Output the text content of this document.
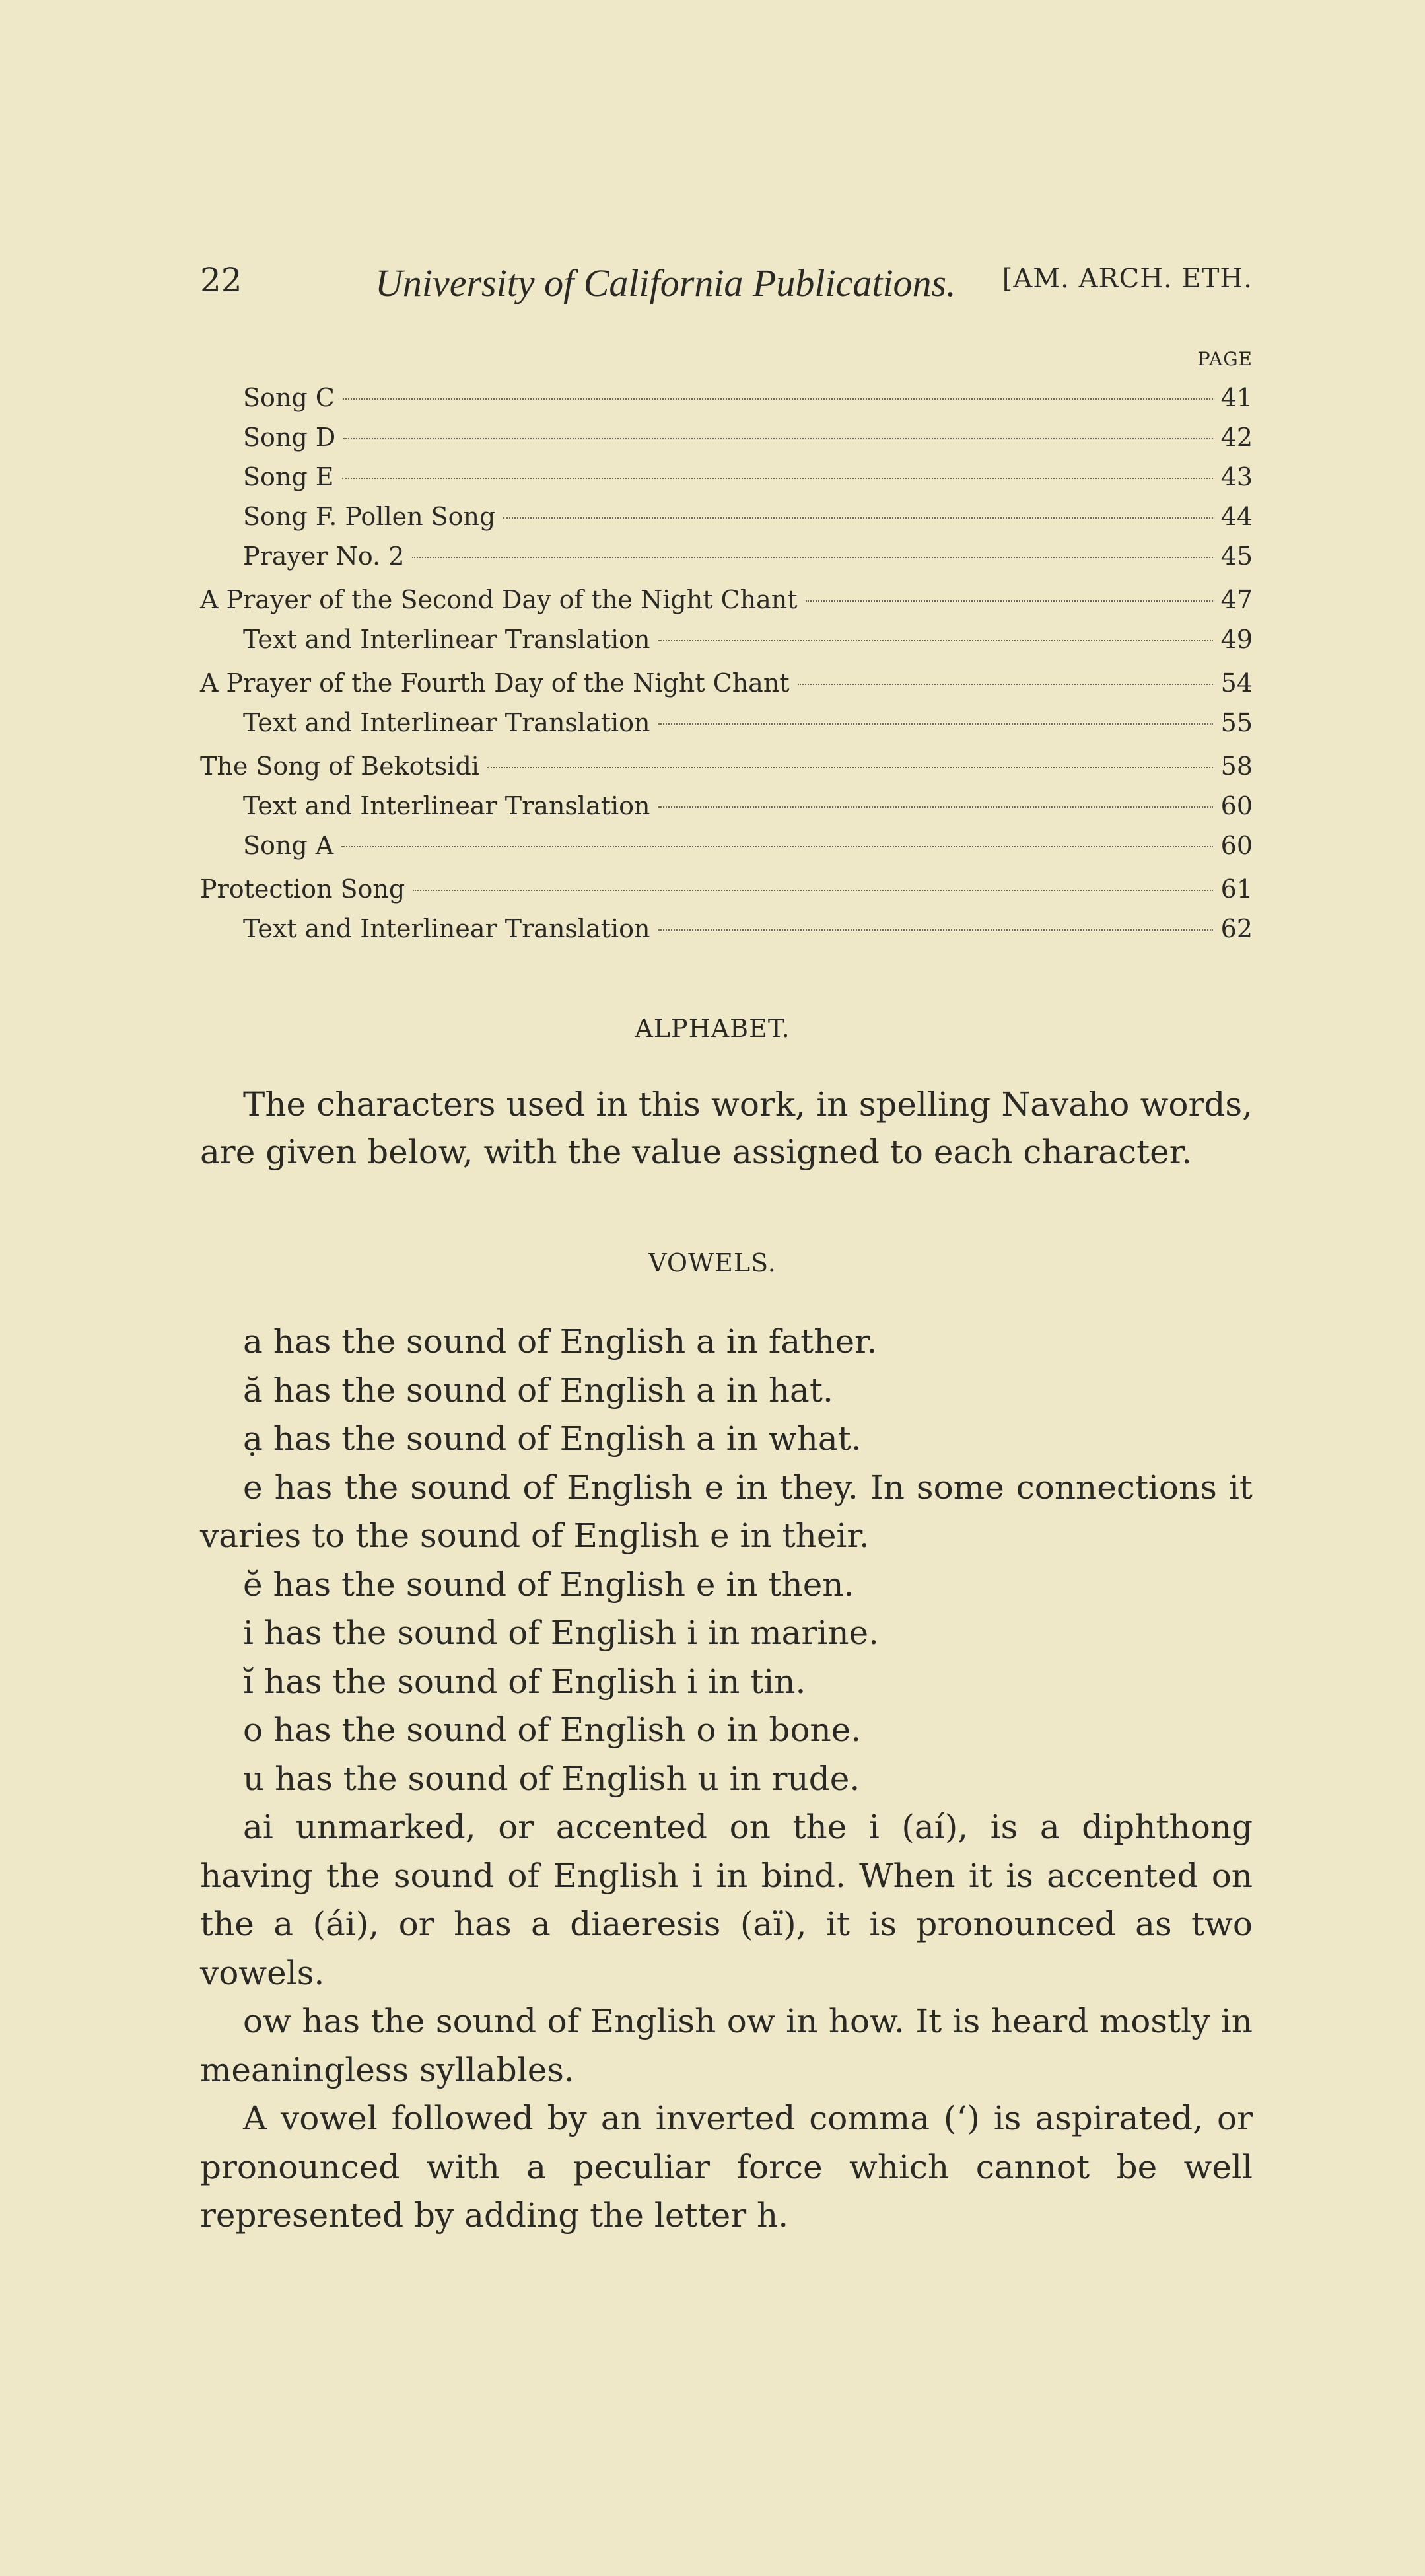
22	University of California Publications. [AM. ARCH. ETH.
PAGE
Song C	41
Song D	42
Song E	43
Song F. Pollen Song	44
Prayer No. 2	45
A Prayer of the Second Day of the Night Chant	47
Text and Interlinear Translation	49
A Prayer of the Fourth Day of the Night Chant	54
Text and Interlinear Translation	55
The Song of Bekotsidi	58
Text and Interlinear Translation	60
Song A	60
Protection Song	61
Text and Interlinear Translation	62
ALPHABET.
The characters used in this work, in spelling Navaho words, are given below, with the value assigned to each character.
VOWELS.

a has the sound of English a in father.

ă has the sound of English a in hat.

ạ has the sound of English a in what.

e has the sound of English e in they. In some connections it varies to the sound of English e in their.

ĕ has the sound of English e in then.

i has the sound of English i in marine.

ĭ has the sound of English i in tin.

o has the sound of English o in bone.

u has the sound of English u in rude.

ai unmarked, or accented on the i (aí), is a diphthong having the sound of English i in bind. When it is accented on the a (ái), or has a diaeresis (aï), it is pronounced as two vowels.

ow has the sound of English ow in how. It is heard mostly in meaningless syllables.

A vowel followed by an inverted comma (‘) is aspirated, or pronounced with a peculiar force which cannot be well represented by adding the letter h.
